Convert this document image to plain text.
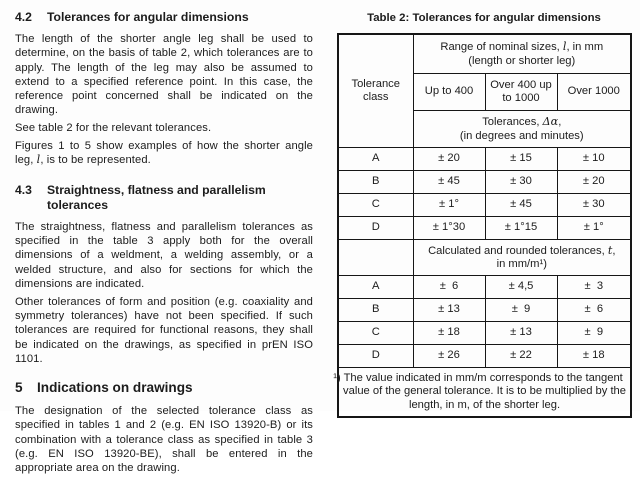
4.2	Tolerances for angular dimensions

The length of the shorter angle leg shall be used to determine, on the basis of table 2, which tolerances are to apply. The length of the leg may also be assumed to extend to a specified reference point. In this case, the reference point concerned shall be indicated on the drawing.

See table 2 for the relevant tolerances.

Figures 1 to 5 show examples of how the shorter angle leg, l, is to be represented.

4.3	Straightness, flatness and parallelism tolerances

The straightness, flatness and parallelism tolerances as specified in the table 3 apply both for the overall dimensions of a weldment, a welding assembly, or a welded structure, and also for sections for which the dimensions are indicated.

Other tolerances of form and position (e.g. coaxiality and symmetry tolerances) have not been specified. If such tolerances are required for functional reasons, they shall be indicated on the drawings, as specified in prEN ISO 1101.

5	Indications on drawings

The designation of the selected tolerance class as specified in tables 1 and 2 (e.g. EN ISO 13920-B) or its combination with a tolerance class as specified in table 3 (e.g. EN ISO 13920-BE), shall be entered in the appropriate area on the drawing.

Table 2: Tolerances for angular dimensions
Tolerance class	Range of nominal sizes, l, in mm
(length or shorter leg)		

	Up to 400	Over 400 up to 1000	Over 1000
	Tolerances, Δα,
(in degrees and minutes)		

A	± 20	± 15	± 10
B	± 45	± 30	± 20
C	± 1°	± 45	± 30
D	± 1°30	± 1°15	± 1°
	Calculated and rounded tolerances, t,
in mm/m¹)		

A	±  6	± 4,5	±  3
B	± 13	±  9	±  6
C	± 18	± 13	±  9
D	± 26	± 22	± 18
¹) The value indicated in mm/m corresponds to the tangent value of the general tolerance. It is to be multiplied by the length, in m, of the shorter leg.			
